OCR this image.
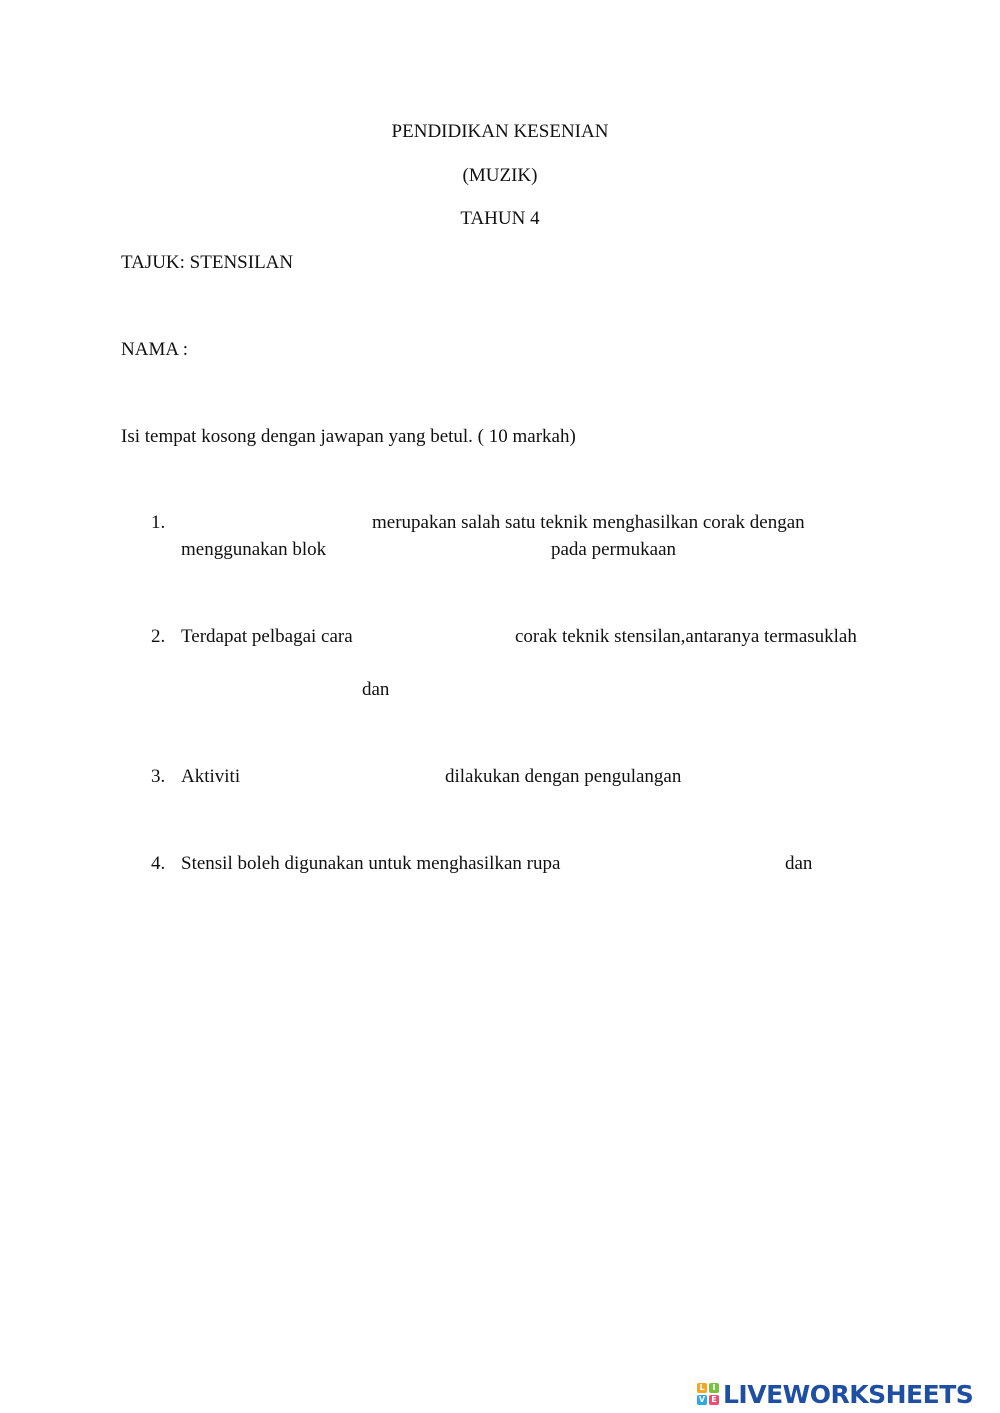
PENDIDIKAN KESENIAN
(MUZIK)
TAHUN 4
TAJUK: STENSILAN
NAMA :
Isi tempat kosong dengan jawapan yang betul. ( 10 markah)
1.	merupakan salah satu teknik menghasilkan corak dengan
menggunakan blok	pada permukaan
2. Terdapat pelbagai cara	corak teknik stensilan,antaranya termasuklah
dan
3. Aktiviti	dilakukan dengan pengulangan
4. Stensil boleh digunakan untuk menghasilkan rupa	dan
L I
V E LIVEWORKSHEETS
